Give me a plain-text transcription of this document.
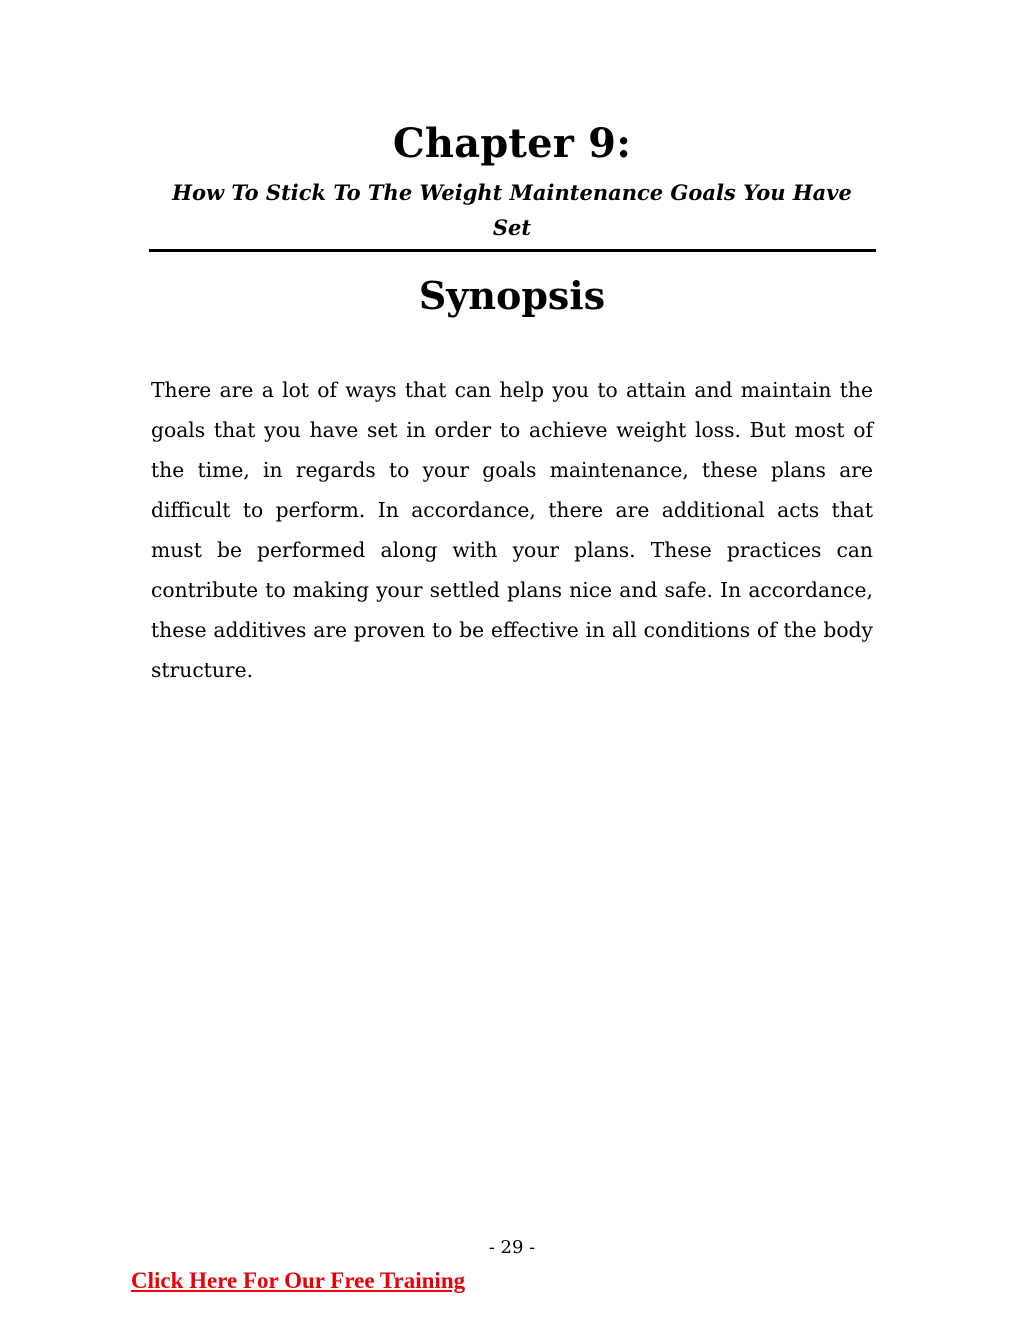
Chapter 9:
How To Stick To The Weight Maintenance Goals You Have Set
Synopsis

There are a lot of ways that can help you to attain and maintain the goals that you have set in order to achieve weight loss. But most of the time, in regards to your goals maintenance, these plans are difficult to perform. In accordance, there are additional acts that must be performed along with your plans. These practices can contribute to making your settled plans nice and safe. In accordance, these additives are proven to be effective in all conditions of the body structure.

- 29 -
Click Here For Our Free Training
